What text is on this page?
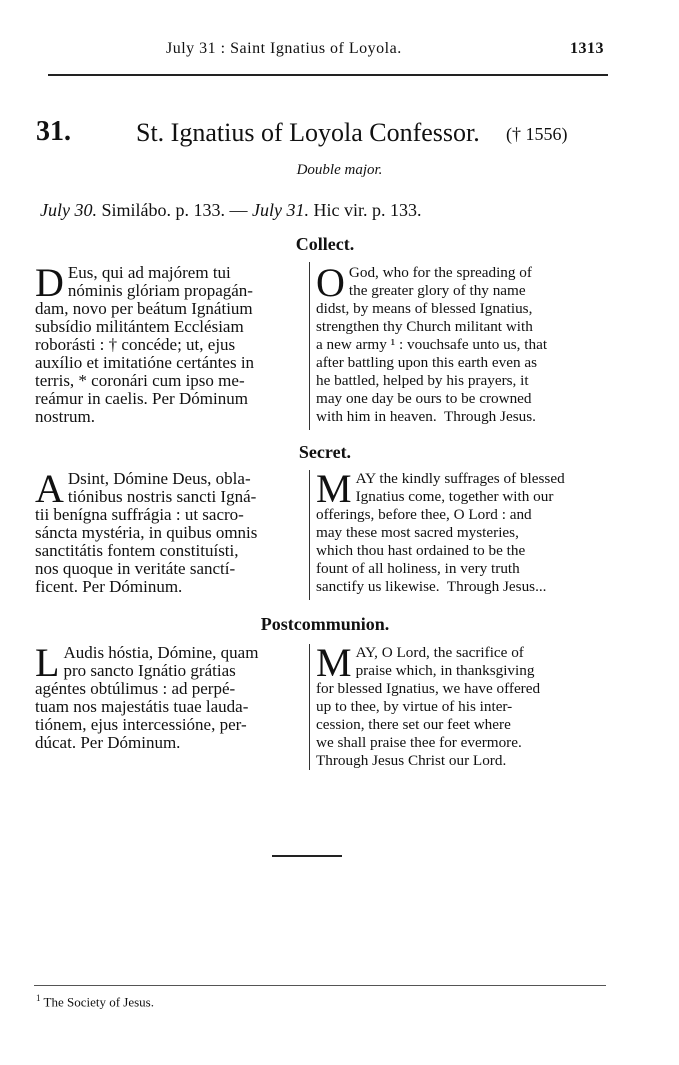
July 31 : Saint Ignatius of Loyola.	1313
31.	St. Ignatius of Loyola Confessor. († 1556)
Double major.
July 30. Similábo. p. 133. — July 31. Hic vir. p. 133.
Collect.
D Eus, qui ad majórem tui
nóminis glóriam propagán-
dam, novo per beátum Ignátium
subsídio militántem Ecclésiam
roborásti : † concéde; ut, ejus
auxílio et imitatióne certántes in
terris, * coronári cum ipso me-
reámur in caelis. Per Dóminum
nostrum.
O God, who for the spreading of
the greater glory of thy name
didst, by means of blessed Ignatius,
strengthen thy Church militant with
a new army ¹ : vouchsafe unto us, that
after battling upon this earth even as
he battled, helped by his prayers, it
may one day be ours to be crowned
with him in heaven.  Through Jesus.
Secret.
A Dsint, Dómine Deus, obla-
tiónibus nostris sancti Igná-
tii benígna suffrágia : ut sacro-
sáncta mystéria, in quibus omnis
sanctitátis fontem constituísti,
nos quoque in veritáte sanctí-
ficent. Per Dóminum.
MAY the kindly suffrages of blessed
Ignatius come, together with our
offerings, before thee, O Lord : and
may these most sacred mysteries,
which thou hast ordained to be the
fount of all holiness, in very truth
sanctify us likewise.  Through Jesus...
Postcommunion.
L Audis hóstia, Dómine, quam
pro sancto Ignátio grátias
agéntes obtúlimus : ad perpé-
tuam nos majestátis tuae lauda-
tiónem, ejus intercessióne, per-
dúcat. Per Dóminum.
MAY, O Lord, the sacrifice of
praise which, in thanksgiving
for blessed Ignatius, we have offered
up to thee, by virtue of his inter-
cession, there set our feet where
we shall praise thee for evermore.
Through Jesus Christ our Lord.
$^1$ The Society of Jesus.
